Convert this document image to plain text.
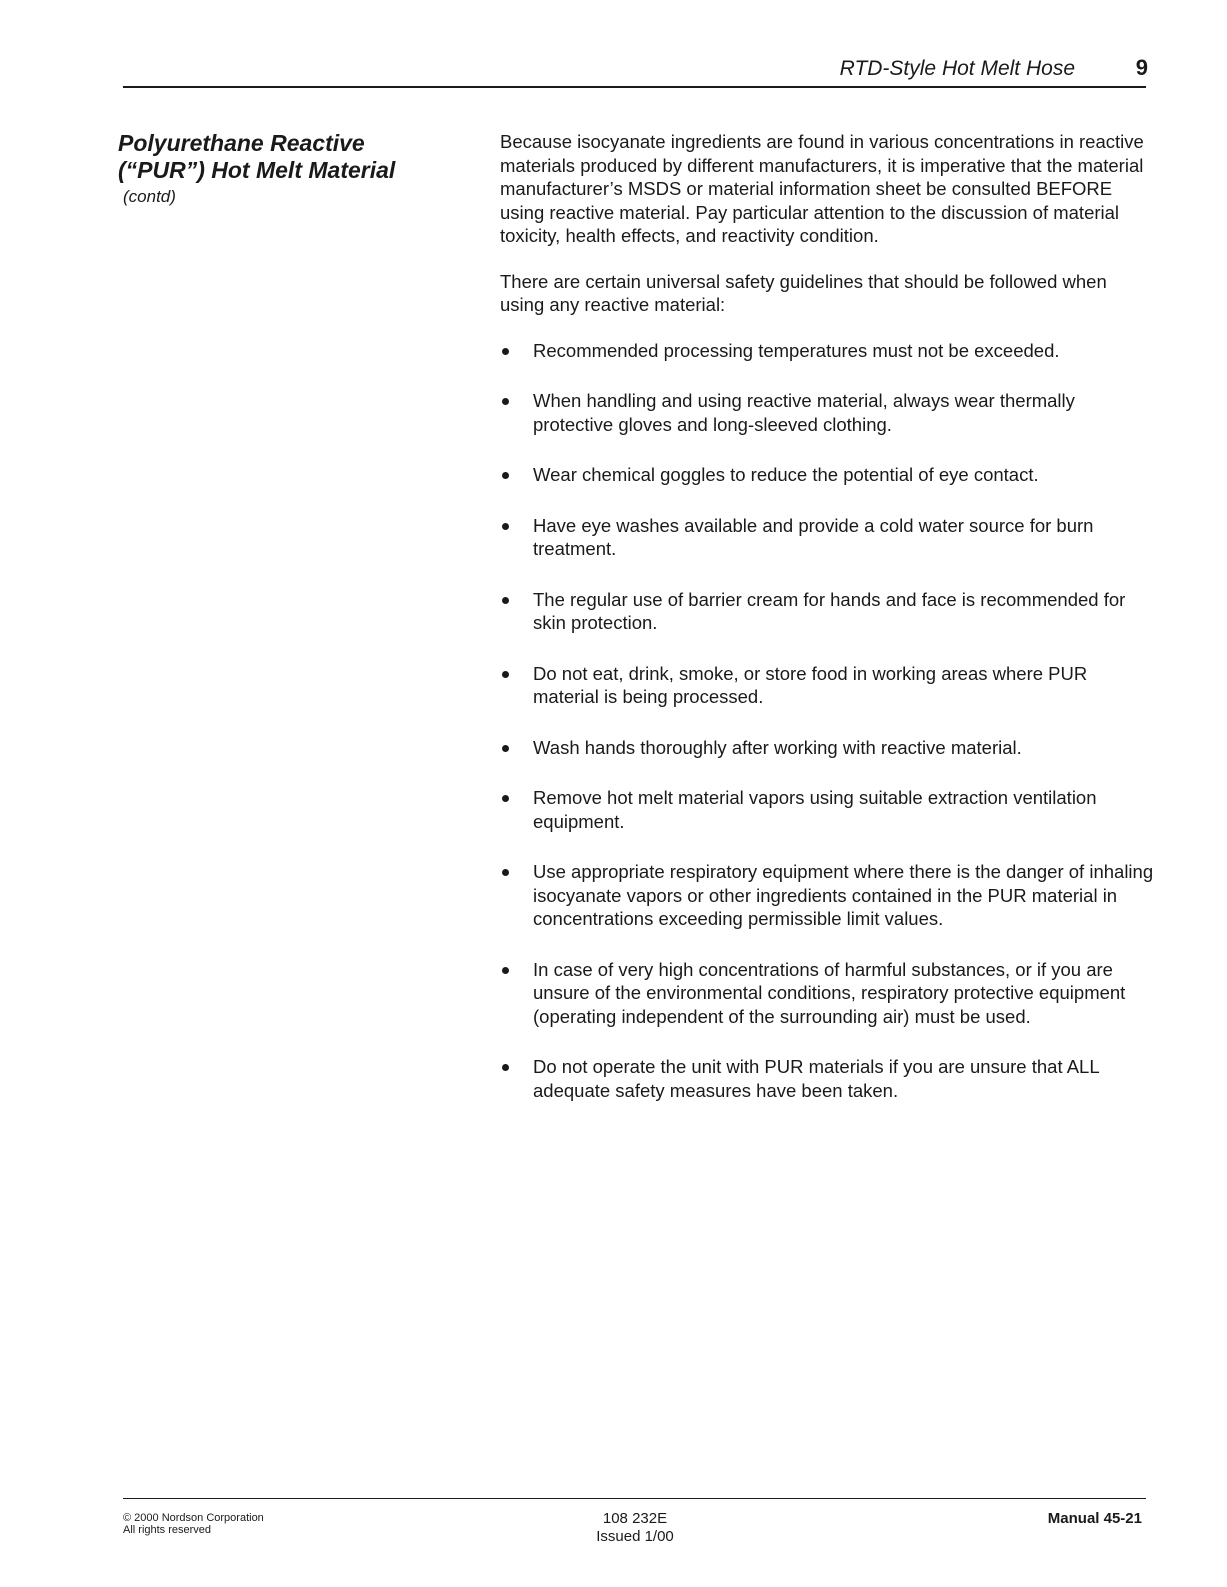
RTD-Style Hot Melt Hose	9
Polyurethane Reactive
(“PUR”) Hot Melt Material
(contd)

Because isocyanate ingredients are found in various concentrations in reactive materials produced by different manufacturers, it is imperative that the material manufacturer’s MSDS or material information sheet be consulted BEFORE using reactive material. Pay particular attention to the discussion of material toxicity, health effects, and reactivity condition.

There are certain universal safety guidelines that should be followed when using any reactive material:

Recommended processing temperatures must not be exceeded.
When handling and using reactive material, always wear thermally protective gloves and long-sleeved clothing.
Wear chemical goggles to reduce the potential of eye contact.
Have eye washes available and provide a cold water source for burn treatment.
The regular use of barrier cream for hands and face is recommended for skin protection.
Do not eat, drink, smoke, or store food in working areas where PUR material is being processed.
Wash hands thoroughly after working with reactive material.
Remove hot melt material vapors using suitable extraction ventilation equipment.
Use appropriate respiratory equipment where there is the danger of inhaling isocyanate vapors or other ingredients contained in the PUR material in concentrations exceeding permissible limit values.
In case of very high concentrations of harmful substances, or if you are unsure of the environmental conditions, respiratory protective equipment (operating independent of the surrounding air) must be used.
Do not operate the unit with PUR materials if you are unsure that ALL adequate safety measures have been taken.
© 2000 Nordson Corporation
All rights reserved
108 232E
Issued 1/00
Manual 45-21
